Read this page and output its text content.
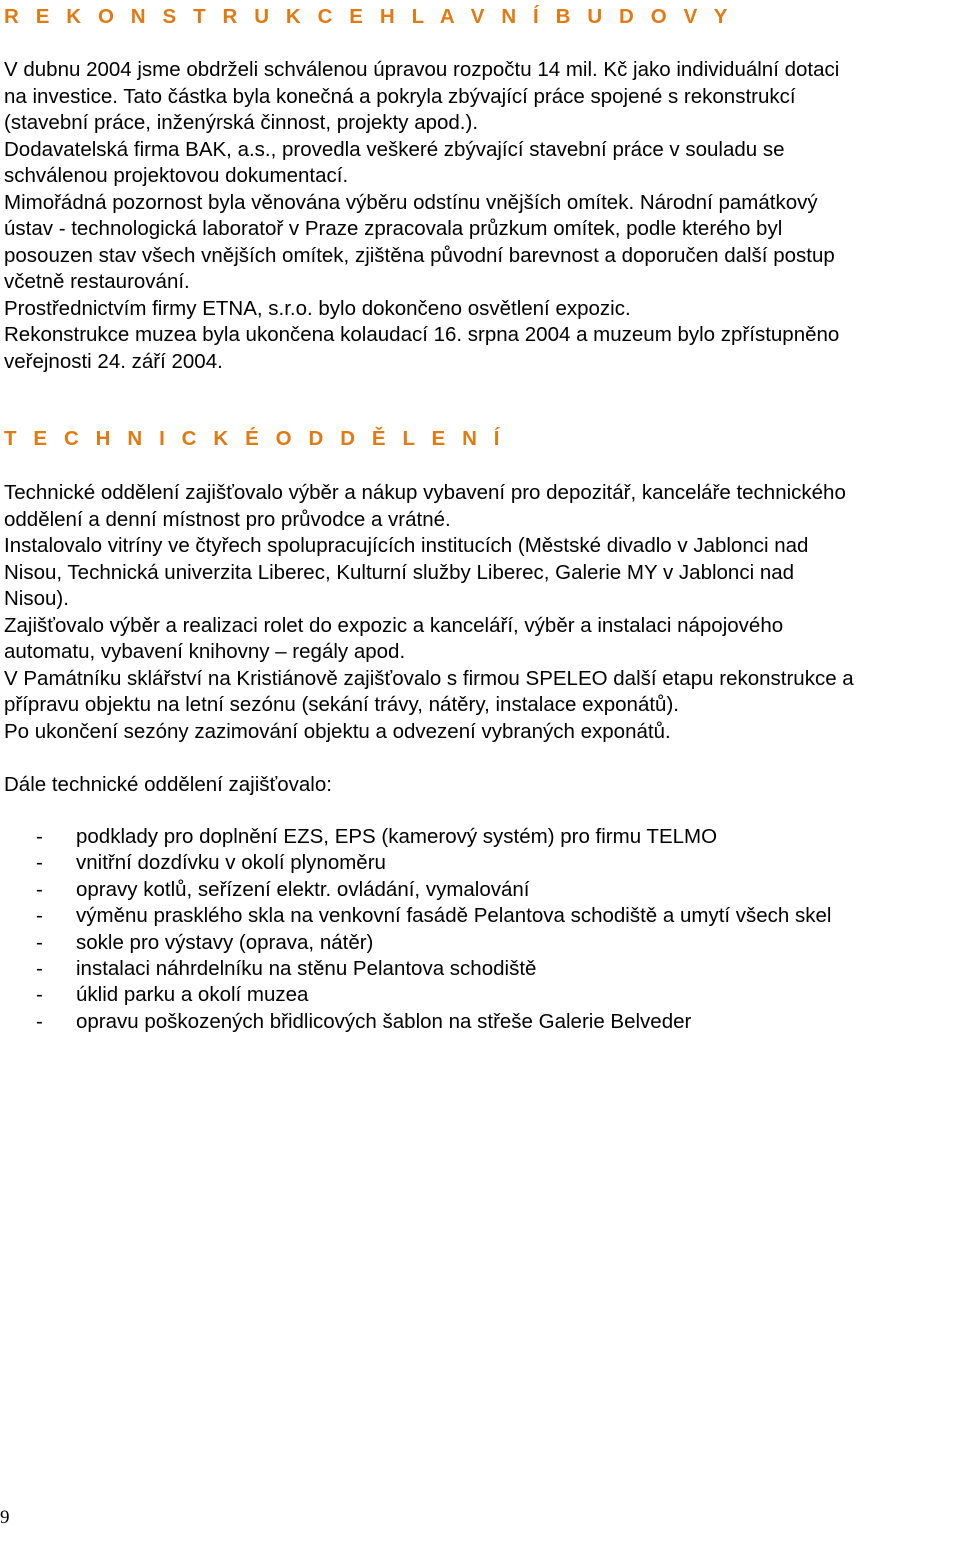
R E K O N S T R U K C E H L A V N Í B U D O V Y

V dubnu 2004 jsme obdrželi schválenou úpravou rozpočtu 14 mil. Kč jako individuální dotaci

na investice. Tato částka byla konečná a pokryla zbývající práce spojené s rekonstrukcí

(stavební práce, inženýrská činnost, projekty apod.).

Dodavatelská firma BAK, a.s., provedla veškeré zbývající stavební práce v souladu se

schválenou projektovou dokumentací.

Mimořádná pozornost byla věnována výběru odstínu vnějších omítek. Národní památkový

ústav - technologická laboratoř v Praze zpracovala průzkum omítek, podle kterého byl

posouzen stav všech vnějších omítek, zjištěna původní barevnost a doporučen další postup

včetně restaurování.

Prostřednictvím firmy ETNA, s.r.o. bylo dokončeno osvětlení expozic.

Rekonstrukce muzea byla ukončena kolaudací 16. srpna 2004 a muzeum bylo zpřístupněno

veřejnosti 24. září 2004.

T E C H N I C K É O D D Ě L E N Í

Technické oddělení zajišťovalo výběr a nákup vybavení pro depozitář, kanceláře technického

oddělení a denní místnost pro průvodce a vrátné.

Instalovalo vitríny ve čtyřech spolupracujících institucích (Městské divadlo v Jablonci nad

Nisou, Technická univerzita Liberec, Kulturní služby Liberec, Galerie MY v Jablonci nad

Nisou).

Zajišťovalo výběr a realizaci rolet do expozic a kanceláří, výběr a instalaci nápojového

automatu, vybavení knihovny – regály apod.

V Památníku sklářství na Kristiánově zajišťovalo s firmou SPELEO další etapu rekonstrukce a

přípravu objektu na letní sezónu (sekání trávy, nátěry, instalace exponátů).

Po ukončení sezóny zazimování objektu a odvezení vybraných exponátů.

Dále technické oddělení zajišťovalo:

- podklady pro doplnění EZS, EPS (kamerový systém) pro firmu TELMO
- vnitřní dozdívku v okolí plynoměru
- opravy kotlů, seřízení elektr. ovládání, vymalování
- výměnu prasklého skla na venkovní fasádě Pelantova schodiště a umytí všech skel
- sokle pro výstavy (oprava, nátěr)
- instalaci náhrdelníku na stěnu Pelantova schodiště
- úklid parku a okolí muzea
- opravu poškozených břidlicových šablon na střeše Galerie Belveder
9
